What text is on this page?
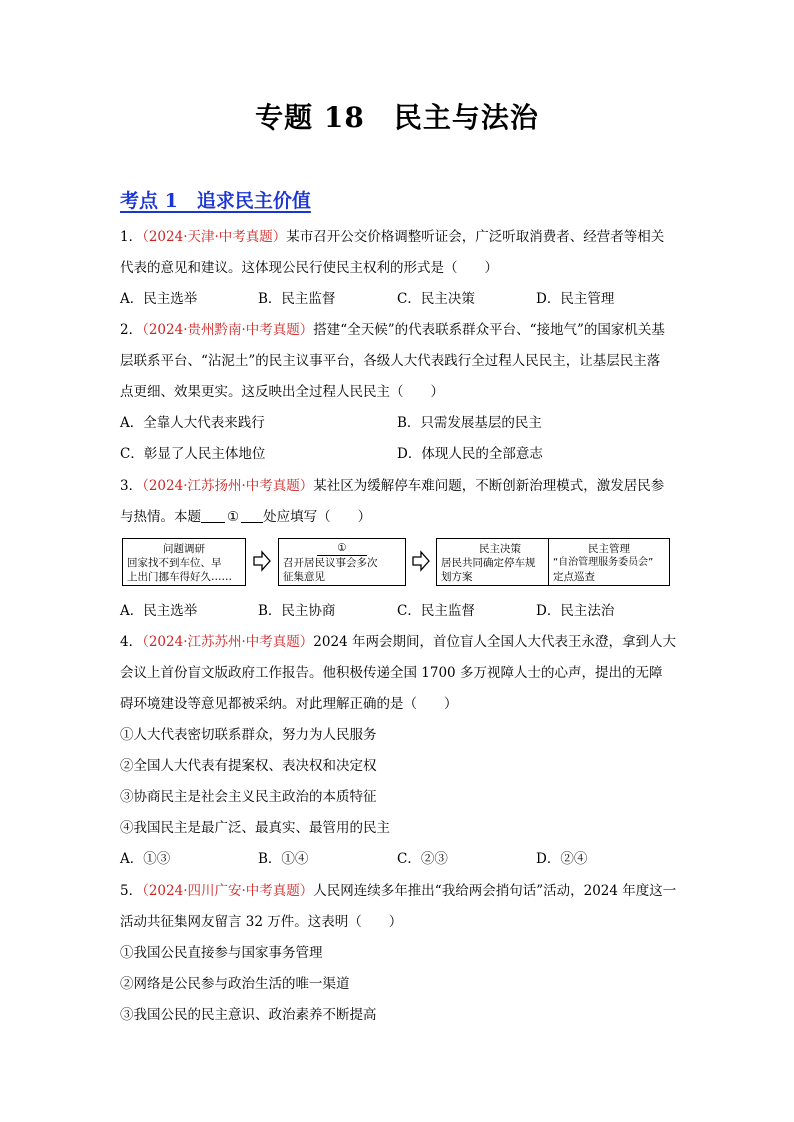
专题 18　民主与法治
考点 1　追求民主价值
1．（2024·天津·中考真题）某市召开公交价格调整听证会，广泛听取消费者、经营者等相关
代表的意见和建议。这体现公民行使民主权利的形式是（　　）
A．民主选举	B．民主监督	C．民主决策	D．民主管理
2．（2024·贵州黔南·中考真题）搭建“全天候”的代表联系群众平台、“接地气”的国家机关基
层联系平台、“沾泥土”的民主议事平台，各级人大代表践行全过程人民民主，让基层民主落
点更细、效果更实。这反映出全过程人民民主（　　）
A．全靠人大代表来践行	B．只需发展基层的民主
C．彰显了人民主体地位	D．体现人民的全部意志
3．（2024·江苏扬州·中考真题）某社区为缓解停车难问题，不断创新治理模式，激发居民参
与热情。本题 ① 处应填写（　　）
问题调研
回家找不到车位、早
上出门挪车得好久……
①
召开居民议事会多次
征集意见
民主决策
居民共同确定停车规
划方案
民主管理
“自治管理服务委员会”
定点巡查
A．民主选举	B．民主协商	C．民主监督	D．民主法治
4．（2024·江苏苏州·中考真题）2024 年两会期间，首位盲人全国人大代表王永澄，拿到人大
会议上首份盲文版政府工作报告。他积极传递全国 1700 多万视障人士的心声，提出的无障
碍环境建设等意见都被采纳。对此理解正确的是（　　）
①人大代表密切联系群众，努力为人民服务
②全国人大代表有提案权、表决权和决定权
③协商民主是社会主义民主政治的本质特征
④我国民主是最广泛、最真实、最管用的民主
A．①③	B．①④	C．②③	D．②④
5．（2024·四川广安·中考真题）人民网连续多年推出“我给两会捎句话”活动，2024 年度这一
活动共征集网友留言 32 万件。这表明（　　）
①我国公民直接参与国家事务管理
②网络是公民参与政治生活的唯一渠道
③我国公民的民主意识、政治素养不断提高
